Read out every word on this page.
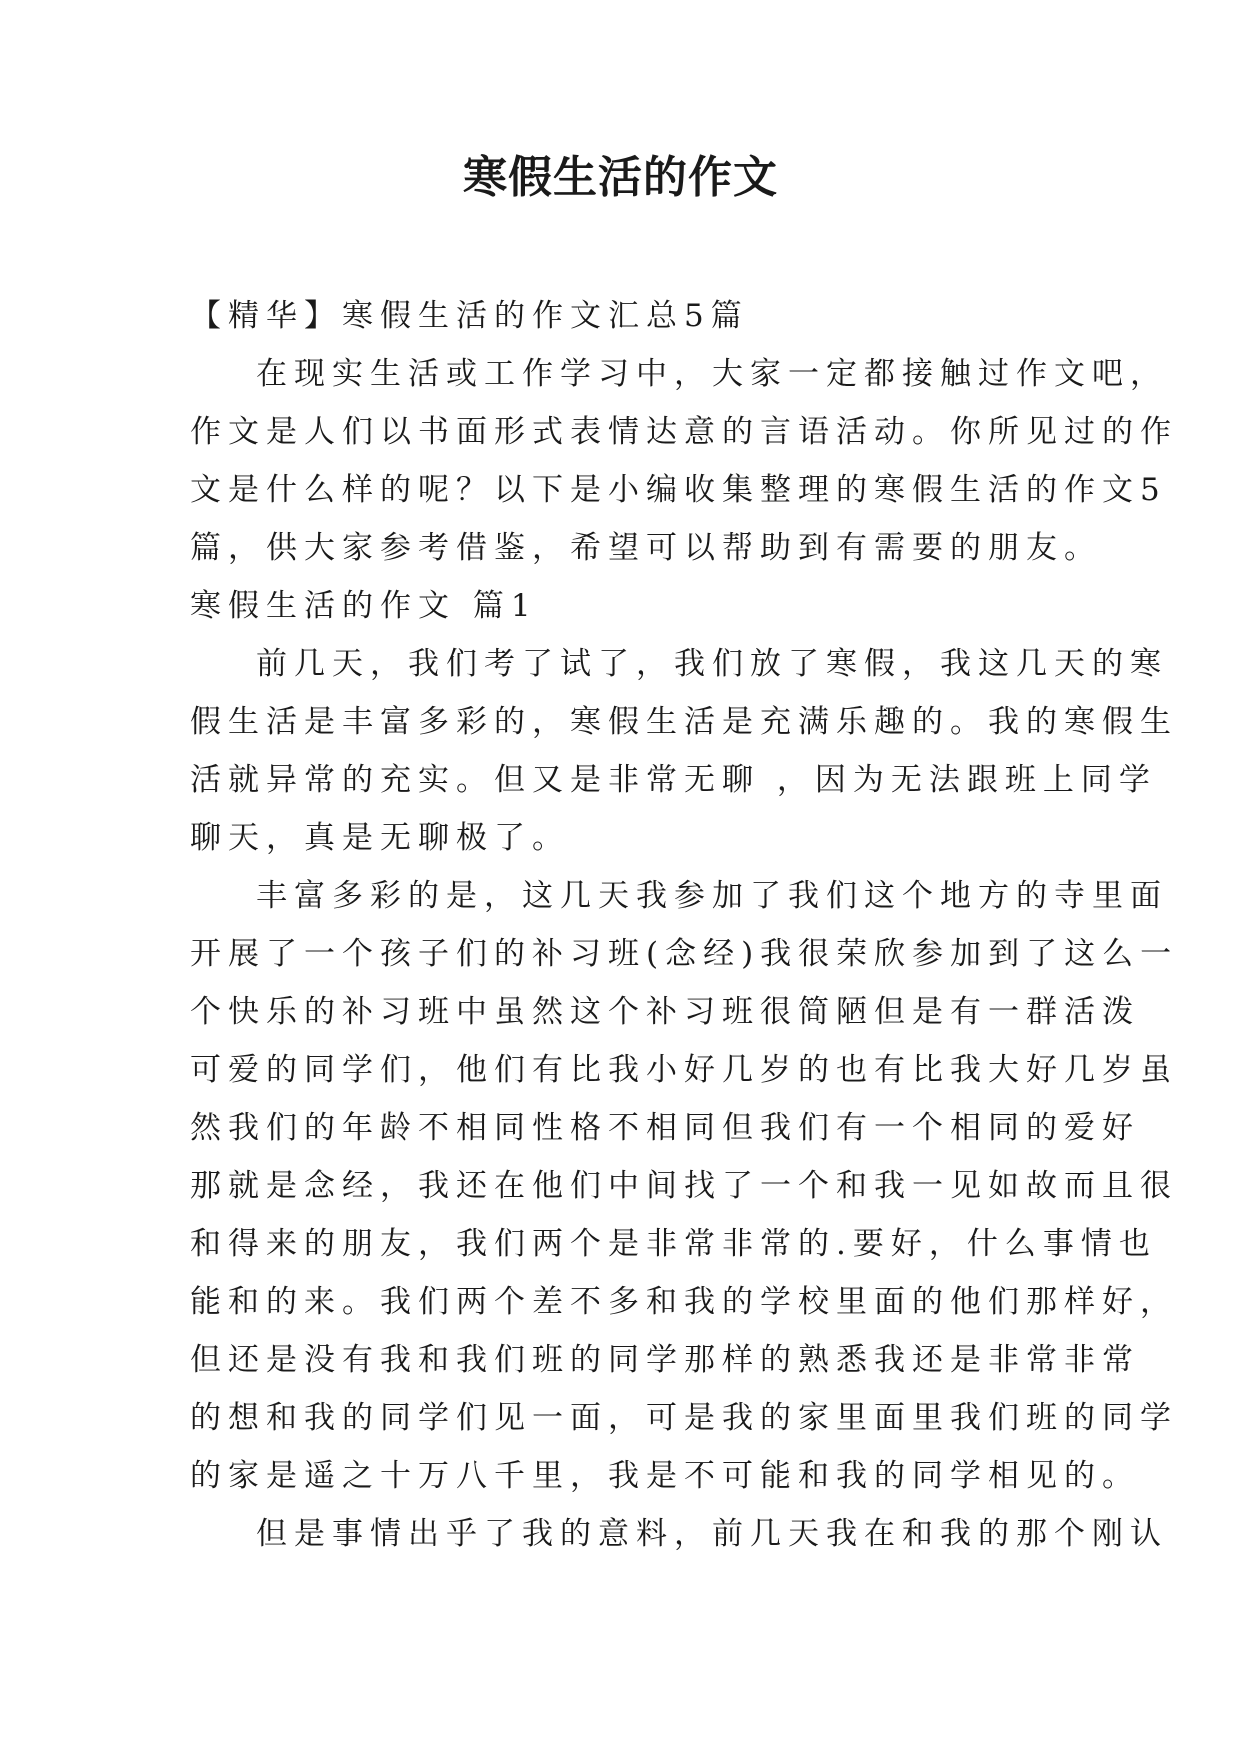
寒假生活的作文

【精华】寒假生活的作文汇总5篇

在现实生活或工作学习中，大家一定都接触过作文吧，

作文是人们以书面形式表情达意的言语活动。你所见过的作

文是什么样的呢？以下是小编收集整理的寒假生活的作文5

篇，供大家参考借鉴，希望可以帮助到有需要的朋友。

寒假生活的作文 篇1

前几天，我们考了试了，我们放了寒假，我这几天的寒

假生活是丰富多彩的，寒假生活是充满乐趣的。我的寒假生

活就异常的充实。但又是非常无聊 ，因为无法跟班上同学

聊天，真是无聊极了。

丰富多彩的是，这几天我参加了我们这个地方的寺里面

开展了一个孩子们的补习班(念经)我很荣欣参加到了这么一

个快乐的补习班中虽然这个补习班很简陋但是有一群活泼

可爱的同学们，他们有比我小好几岁的也有比我大好几岁虽

然我们的年龄不相同性格不相同但我们有一个相同的爱好

那就是念经，我还在他们中间找了一个和我一见如故而且很

和得来的朋友，我们两个是非常非常的.要好，什么事情也

能和的来。我们两个差不多和我的学校里面的他们那样好，

但还是没有我和我们班的同学那样的熟悉我还是非常非常

的想和我的同学们见一面，可是我的家里面里我们班的同学

的家是遥之十万八千里，我是不可能和我的同学相见的。

但是事情出乎了我的意料，前几天我在和我的那个刚认
